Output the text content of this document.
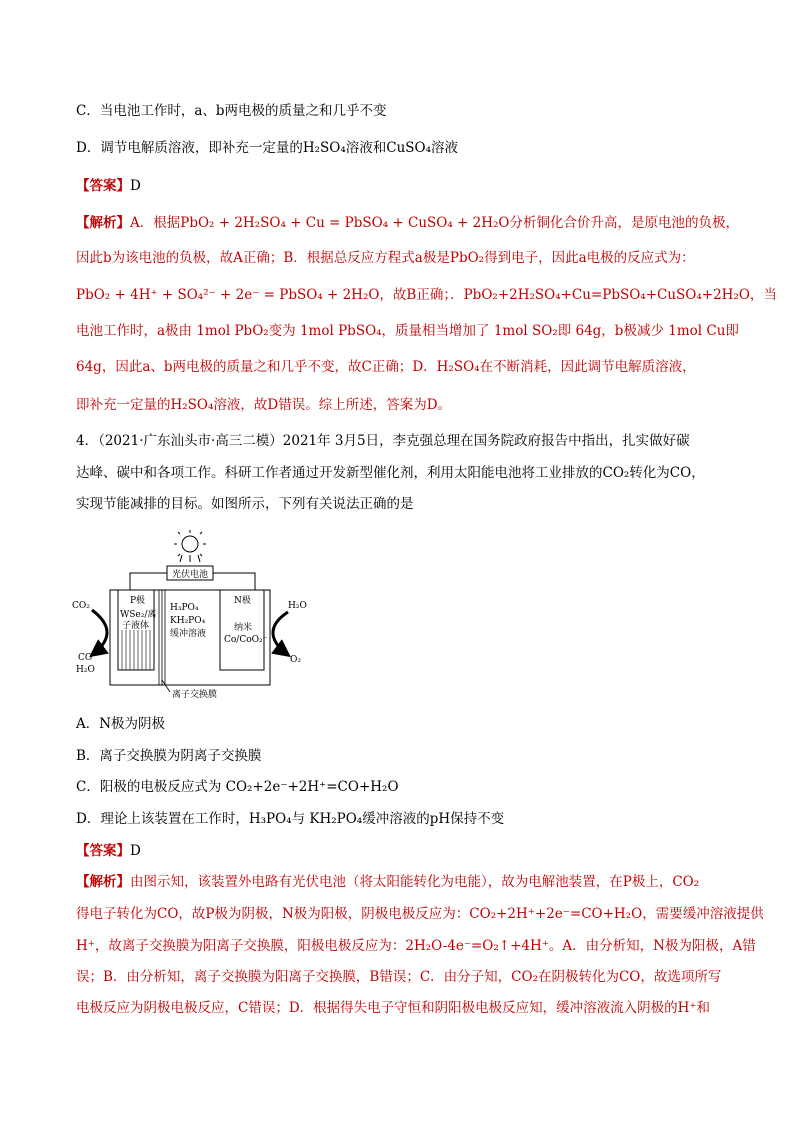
C．当电池工作时，a、b两电极的质量之和几乎不变
D．调节电解质溶液，即补充一定量的H₂SO₄溶液和CuSO₄溶液
【答案】D
【解析】A．根据PbO₂ + 2H₂SO₄ + Cu = PbSO₄ + CuSO₄ + 2H₂O分析铜化合价升高，是原电池的负极，
因此b为该电池的负极，故A正确；B．根据总反应方程式a极是PbO₂得到电子，因此a电极的反应式为：
PbO₂ + 4H⁺ + SO₄²⁻ + 2e⁻ = PbSO₄ + 2H₂O，故B正确；．PbO₂+2H₂SO₄+Cu=PbSO₄+CuSO₄+2H₂O，当
电池工作时，a极由 1mol PbO₂变为 1mol PbSO₄，质量相当增加了 1mol SO₂即 64g，b极减少 1mol Cu即
64g，因此a、b两电极的质量之和几乎不变，故C正确；D．H₂SO₄在不断消耗，因此调节电解质溶液，
即补充一定量的H₂SO₄溶液，故D错误。综上所述，答案为D。
4．（2021·广东汕头市·高三二模）2021年 3月5日，李克强总理在国务院政府报告中指出，扎实做好碳
达峰、碳中和各项工作。科研工作者通过开发新型催化剂，利用太阳能电池将工业排放的CO₂转化为CO，
实现节能减排的目标。如图所示，下列有关说法正确的是
光伏电池
P极
WSe₂/离
子液体
离子交换膜
H₃PO₄
KH₂PO₄
缓冲溶液
N极
纳米
Co/CoO₂⁻
CO₂
CO
H₂O
H₂O
O₂
A．N极为阴极
B．离子交换膜为阴离子交换膜
C．阳极的电极反应式为 CO₂+2e⁻+2H⁺=CO+H₂O
D．理论上该装置在工作时，H₃PO₄与 KH₂PO₄缓冲溶液的pH保持不变
【答案】D
【解析】由图示知，该装置外电路有光伏电池（将太阳能转化为电能），故为电解池装置，在P极上，CO₂
得电子转化为CO，故P极为阴极，N极为阳极，阴极电极反应为：CO₂+2H⁺+2e⁻=CO+H₂O，需要缓冲溶液提供
H⁺，故离子交换膜为阳离子交换膜，阳极电极反应为：2H₂O-4e⁻=O₂↑+4H⁺。A．由分析知，N极为阳极，A错
误；B．由分析知，离子交换膜为阳离子交换膜，B错误；C．由分子知，CO₂在阴极转化为CO，故选项所写
电极反应为阴极电极反应，C错误；D．根据得失电子守恒和阴阳极电极反应知，缓冲溶液流入阴极的H⁺和
